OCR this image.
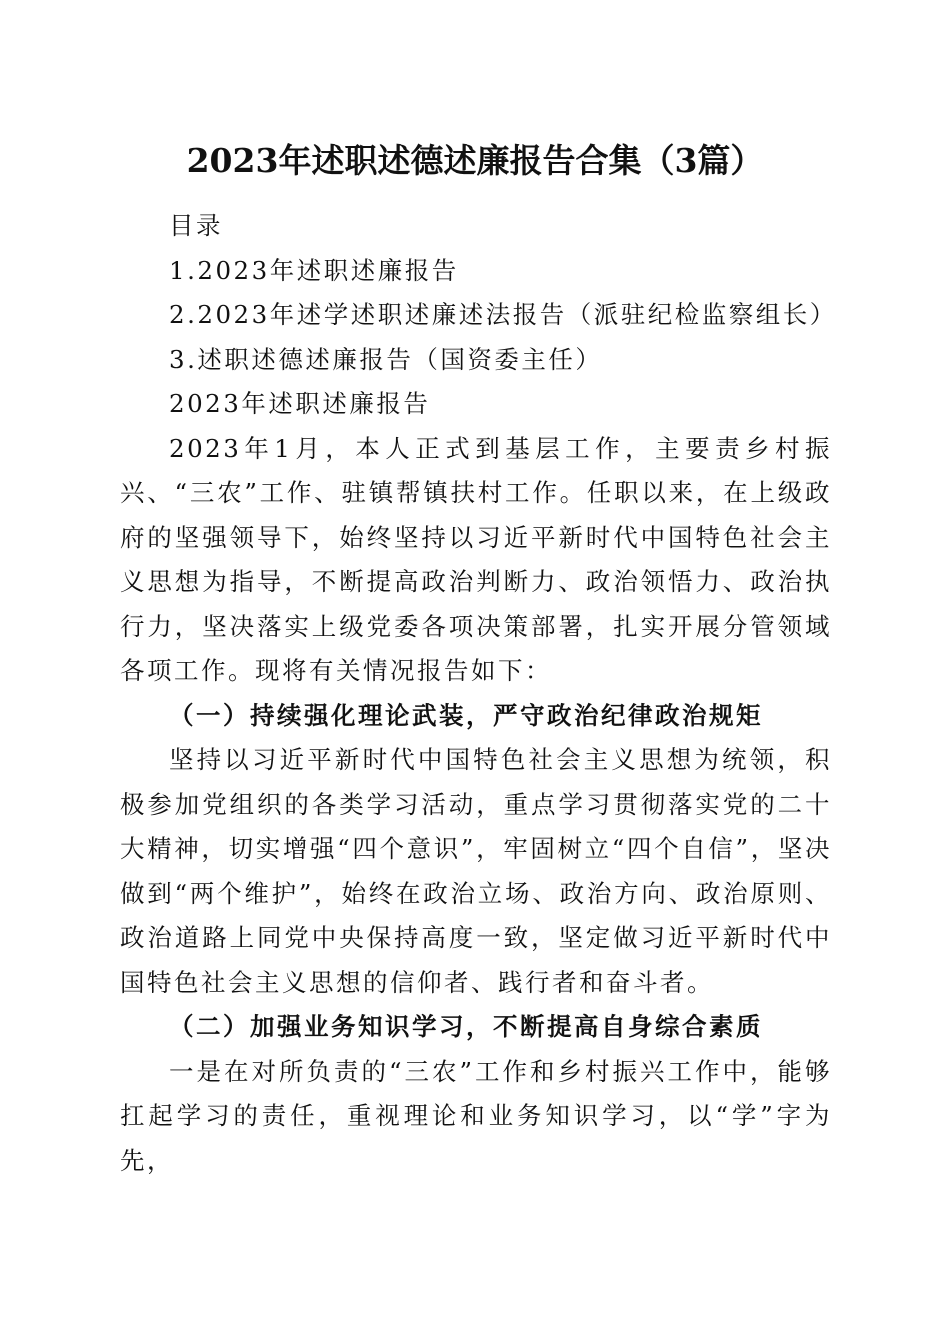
2023年述职述德述廉报告合集（3篇）

目录

1.2023年述职述廉报告

2.2023年述学述职述廉述法报告（派驻纪检监察组长）

3.述职述德述廉报告（国资委主任）

2023年述职述廉报告

2023年1月，本人正式到基层工作，主要责乡村振兴、“三农”工作、驻镇帮镇扶村工作。任职以来，在上级政府的坚强领导下，始终坚持以习近平新时代中国特色社会主义思想为指导，不断提高政治判断力、政治领悟力、政治执行力，坚决落实上级党委各项决策部署，扎实开展分管领域各项工作。现将有关情况报告如下：

（一）持续强化理论武装，严守政治纪律政治规矩

坚持以习近平新时代中国特色社会主义思想为统领，积极参加党组织的各类学习活动，重点学习贯彻落实党的二十大精神，切实增强“四个意识”，牢固树立“四个自信”，坚决做到“两个维护”，始终在政治立场、政治方向、政治原则、政治道路上同党中央保持高度一致，坚定做习近平新时代中国特色社会主义思想的信仰者、践行者和奋斗者。

（二）加强业务知识学习，不断提高自身综合素质

一是在对所负责的“三农”工作和乡村振兴工作中，能够扛起学习的责任，重视理论和业务知识学习，以“学”字为先，
